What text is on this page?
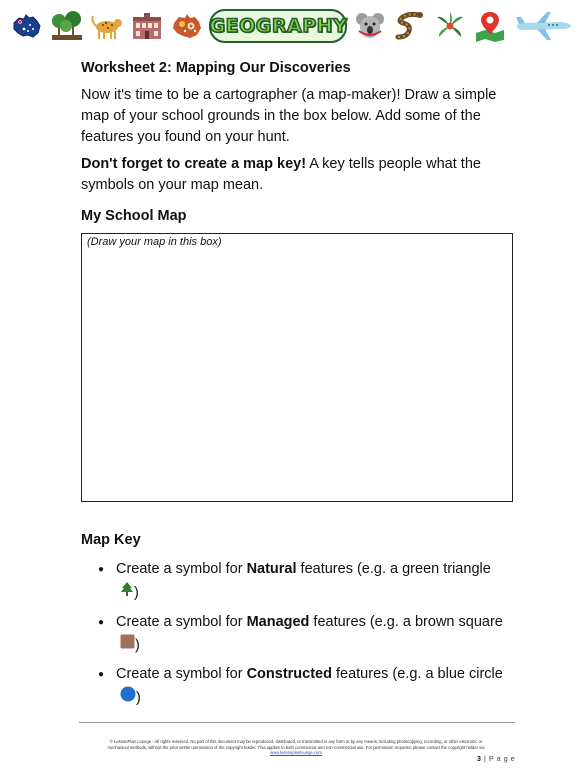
GEOGRAPHY
Worksheet 2: Mapping Our Discoveries

Now it's time to be a cartographer (a map-maker)! Draw a simple map of your school grounds in the box below. Add some of the features you found on your hunt.

Don't forget to create a map key! A key tells people what the symbols on your map mean.

My School Map
(Draw your map in this box)
Map Key
● Create a symbol for Natural features (e.g. a green triangle )
● Create a symbol for Managed features (e.g. a brown square )
● Create a symbol for Constructed features (e.g. a blue circle )
© LessonPlan Lounge - All rights reserved. No part of this document may be reproduced, distributed, or transmitted in any form or by any means, including photocopying, recording, or other electronic or
mechanical methods, without the prior written permission of the copyright holder. This applies to both commercial and non-commercial use. For permission requests, please contact the copyright holder via
www.lessonplanlounge.com
3 | P a g e
